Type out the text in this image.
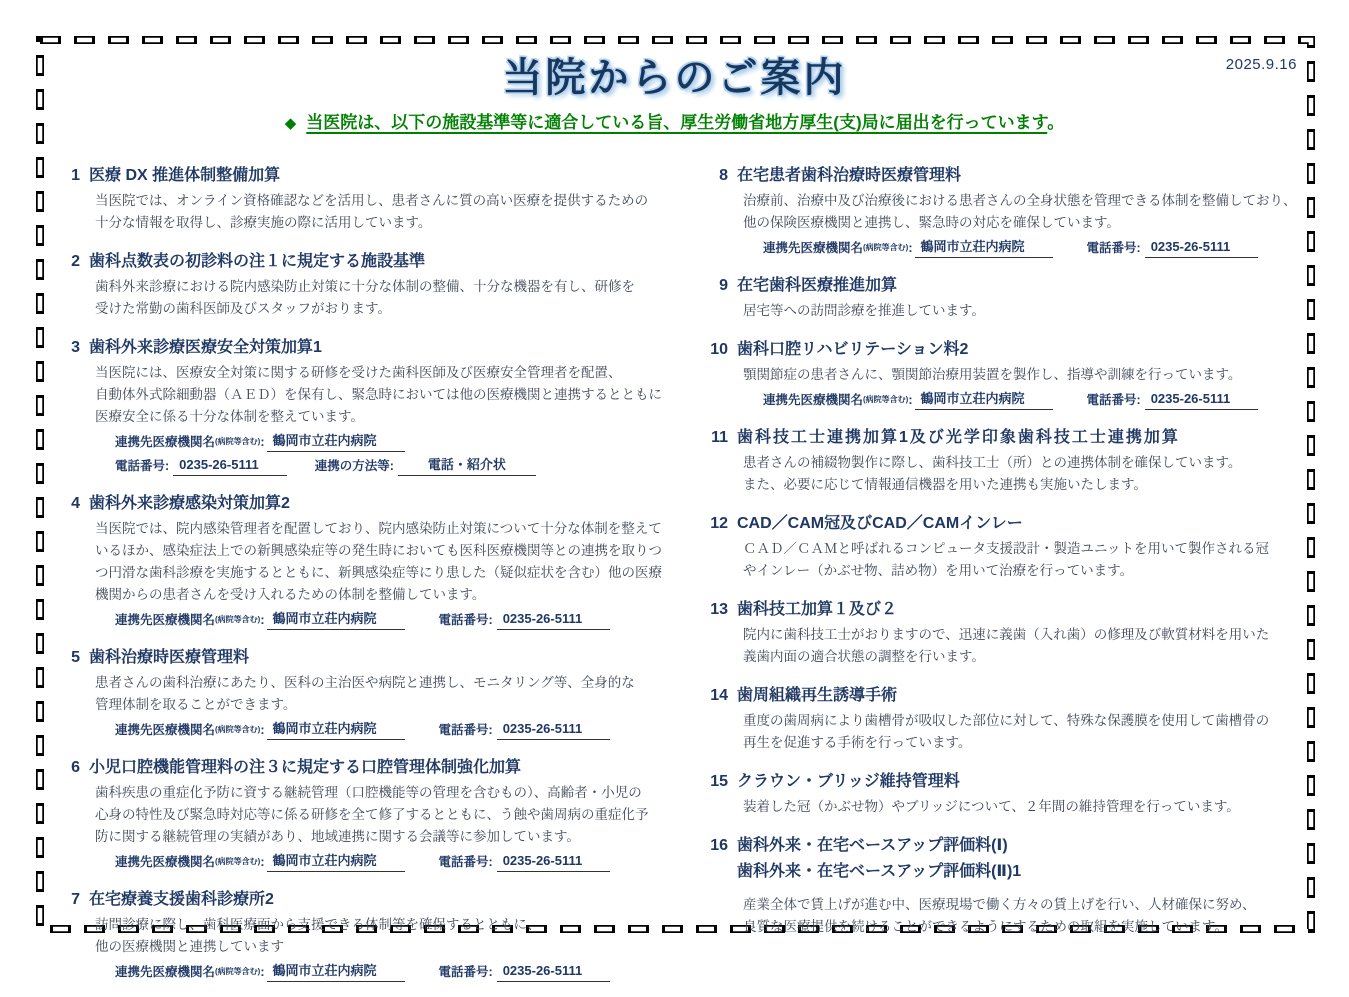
2025.9.16
当院からのご案内
◆ 当医院は、以下の施設基準等に適合している旨、厚生労働省地方厚生(支)局に届出を行っています。
1 医療 DX 推進体制整備加算
当医院では、オンライン資格確認などを活用し、患者さんに質の高い医療を提供するための
十分な情報を取得し、診療実施の際に活用しています。
2 歯科点数表の初診料の注１に規定する施設基準
歯科外来診療における院内感染防止対策に十分な体制の整備、十分な機器を有し、研修を
受けた常勤の歯科医師及びスタッフがおります。
3 歯科外来診療医療安全対策加算1
当医院には、医療安全対策に関する研修を受けた歯科医師及び医療安全管理者を配置、
自動体外式除細動器（ＡＥＤ）を保有し、緊急時においては他の医療機関と連携するとともに
医療安全に係る十分な体制を整えています。
連携先医療機関名 (病院等含む) : 鶴岡市立荘内病院
電話番号: 0235-26-5111	連携の方法等:	電話・紹介状
4 歯科外来診療感染対策加算2
当医院では、院内感染管理者を配置しており、院内感染防止対策について十分な体制を整えて
いるほか、感染症法上での新興感染症等の発生時においても医科医療機関等との連携を取りつ
つ円滑な歯科診療を実施するとともに、新興感染症等にり患した（疑似症状を含む）他の医療
機関からの患者さんを受け入れるための体制を整備しています。
連携先医療機関名 (病院等含む) : 鶴岡市立荘内病院	電話番号: 0235-26-5111
5 歯科治療時医療管理料
患者さんの歯科治療にあたり、医科の主治医や病院と連携し、モニタリング等、全身的な
管理体制を取ることができます。
連携先医療機関名 (病院等含む) : 鶴岡市立荘内病院	電話番号: 0235-26-5111
6 小児口腔機能管理料の注３に規定する口腔管理体制強化加算
歯科疾患の重症化予防に資する継続管理（口腔機能等の管理を含むもの）、高齢者・小児の
心身の特性及び緊急時対応等に係る研修を全て修了するとともに、う蝕や歯周病の重症化予
防に関する継続管理の実績があり、地域連携に関する会議等に参加しています。
連携先医療機関名 (病院等含む) : 鶴岡市立荘内病院	電話番号: 0235-26-5111
7 在宅療養支援歯科診療所2
訪問診療に際し、歯科医療面から支援できる体制等を確保するとともに、
他の医療機関と連携しています
連携先医療機関名 (病院等含む) : 鶴岡市立荘内病院	電話番号: 0235-26-5111
8 在宅患者歯科治療時医療管理料
治療前、治療中及び治療後における患者さんの全身状態を管理できる体制を整備しており、
他の保険医療機関と連携し、緊急時の対応を確保しています。
連携先医療機関名 (病院等含む) : 鶴岡市立荘内病院	電話番号: 0235-26-5111
9 在宅歯科医療推進加算
居宅等への訪問診療を推進しています。
10 歯科口腔リハビリテーション料2
顎関節症の患者さんに、顎関節治療用装置を製作し、指導や訓練を行っています。
連携先医療機関名 (病院等含む) : 鶴岡市立荘内病院	電話番号: 0235-26-5111
11 歯科技工士連携加算1及び光学印象歯科技工士連携加算
患者さんの補綴物製作に際し、歯科技工士（所）との連携体制を確保しています。
また、必要に応じて情報通信機器を用いた連携も実施いたします。
12 CAD／CAM冠及びCAD／CAMインレー
ＣＡＤ／ＣＡＭと呼ばれるコンピュータ支援設計・製造ユニットを用いて製作される冠
やインレー（かぶせ物、詰め物）を用いて治療を行っています。
13 歯科技工加算１及び２
院内に歯科技工士がおりますので、迅速に義歯（入れ歯）の修理及び軟質材料を用いた
義歯内面の適合状態の調整を行います。
14 歯周組織再生誘導手術
重度の歯周病により歯槽骨が吸収した部位に対して、特殊な保護膜を使用して歯槽骨の
再生を促進する手術を行っています。
15 クラウン・ブリッジ維持管理料
装着した冠（かぶせ物）やブリッジについて、２年間の維持管理を行っています。
16 歯科外来・在宅ベースアップ評価料(Ⅰ)
歯科外来・在宅ベースアップ評価料(Ⅱ)1
産業全体で賃上げが進む中、医療現場で働く方々の賃上げを行い、人材確保に努め、
良質な医療提供を続けることができるようにするための取組を実施しています。
